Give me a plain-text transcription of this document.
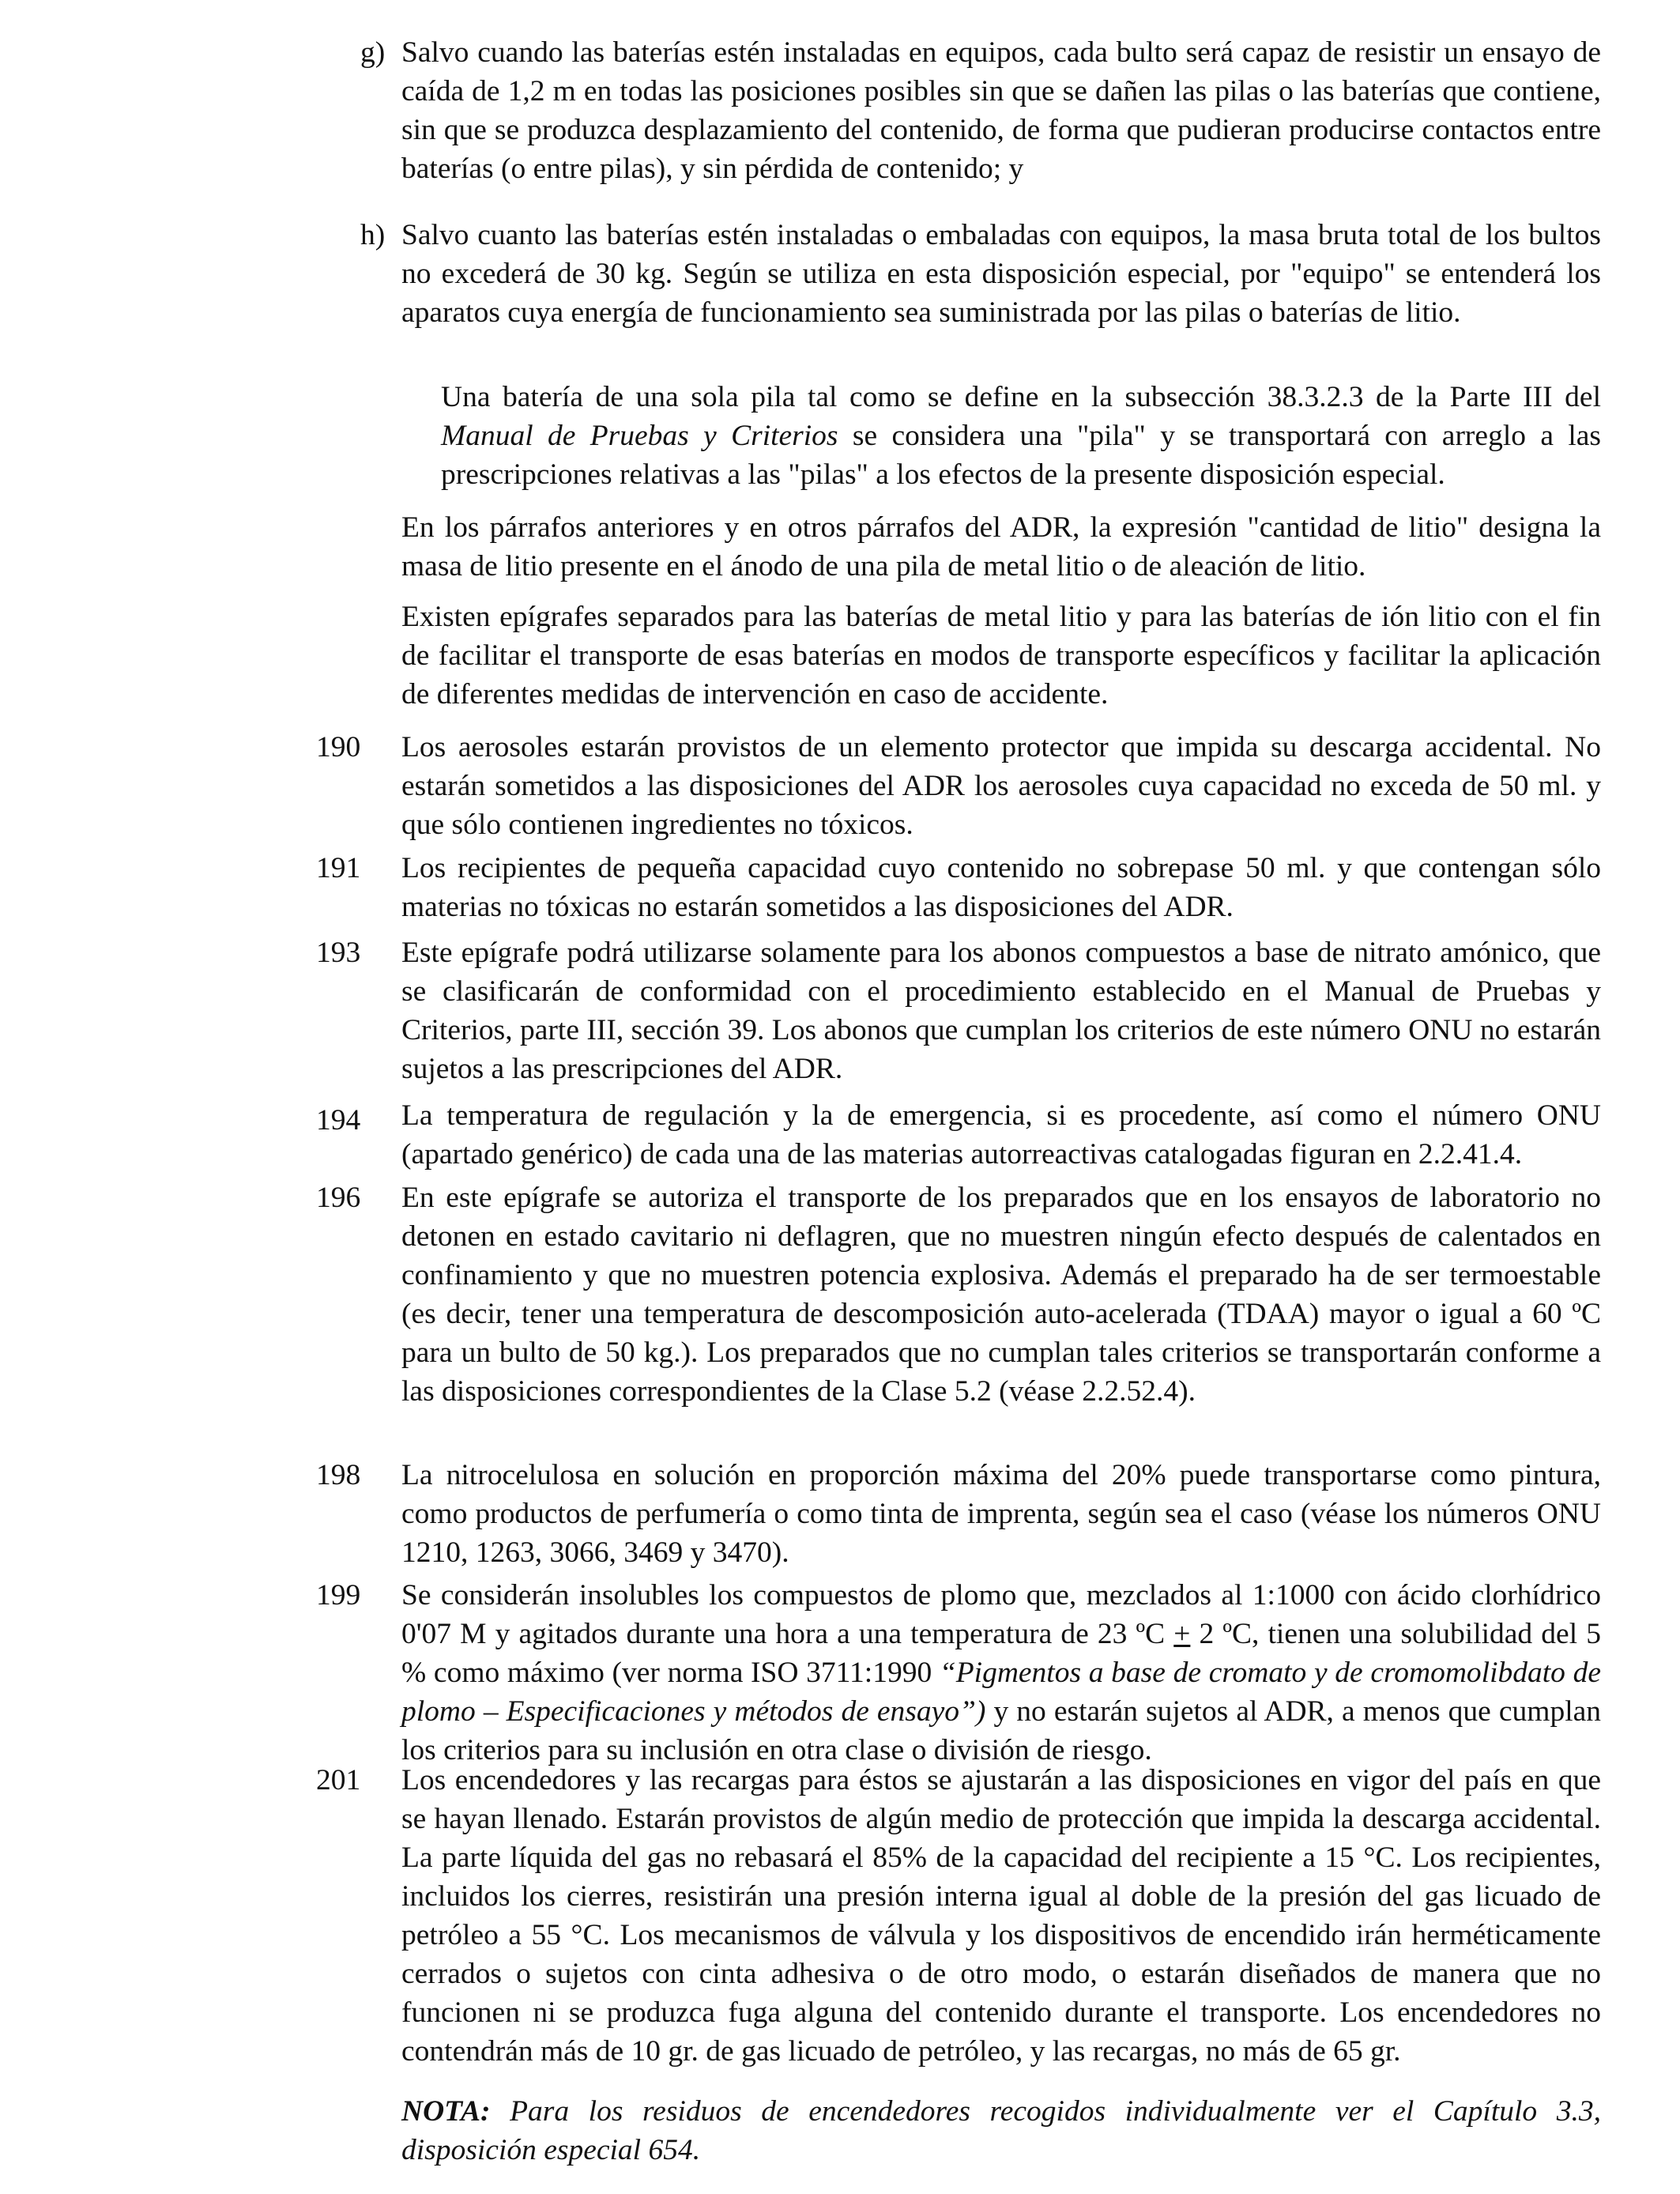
g) Salvo cuando las baterías estén instaladas en equipos, cada bulto será capaz de resistir un ensayo de caída de 1,2 m en todas las posiciones posibles sin que se dañen las pilas o las baterías que contiene, sin que se produzca desplazamiento del contenido, de forma que pudieran producirse contactos entre baterías (o entre pilas), y sin pérdida de contenido; y

h) Salvo cuanto las baterías estén instaladas o embaladas con equipos, la masa bruta total de los bultos no excederá de 30 kg. Según se utiliza en esta disposición especial, por "equipo" se entenderá los aparatos cuya energía de funcionamiento sea suministrada por las pilas o baterías de litio.

Una batería de una sola pila tal como se define en la subsección 38.3.2.3 de la Parte III del Manual de Pruebas y Criterios se considera una "pila" y se transportará con arreglo a las prescripciones relativas a las "pilas" a los efectos de la presente disposición especial.

En los párrafos anteriores y en otros párrafos del ADR, la expresión "cantidad de litio" designa la masa de litio presente en el ánodo de una pila de metal litio o de aleación de litio.

Existen epígrafes separados para las baterías de metal litio y para las baterías de ión litio con el fin de facilitar el transporte de esas baterías en modos de transporte específicos y facilitar la aplicación de diferentes medidas de intervención en caso de accidente.

190 Los aerosoles estarán provistos de un elemento protector que impida su descarga accidental. No estarán sometidos a las disposiciones del ADR los aerosoles cuya capacidad no exceda de 50 ml. y que sólo contienen ingredientes no tóxicos.

191 Los recipientes de pequeña capacidad cuyo contenido no sobrepase 50 ml. y que contengan sólo materias no tóxicas no estarán sometidos a las disposiciones del ADR.

193 Este epígrafe podrá utilizarse solamente para los abonos compuestos a base de nitrato amónico, que se clasificarán de conformidad con el procedimiento establecido en el Manual de Pruebas y Criterios, parte III, sección 39. Los abonos que cumplan los criterios de este número ONU no estarán sujetos a las prescripciones del ADR.

194 La temperatura de regulación y la de emergencia, si es procedente, así como el número ONU (apartado genérico) de cada una de las materias autorreactivas catalogadas figuran en 2.2.41.4.

196 En este epígrafe se autoriza el transporte de los preparados que en los ensayos de laboratorio no detonen en estado cavitario ni deflagren, que no muestren ningún efecto después de calentados en confinamiento y que no muestren potencia explosiva. Además el preparado ha de ser termoestable (es decir, tener una temperatura de descomposición auto-acelerada (TDAA) mayor o igual a 60 ºC para un bulto de 50 kg.). Los preparados que no cumplan tales criterios se transportarán conforme a las disposiciones correspondientes de la Clase 5.2 (véase 2.2.52.4).

198 La nitrocelulosa en solución en proporción máxima del 20% puede transportarse como pintura, como productos de perfumería o como tinta de imprenta, según sea el caso (véase los números ONU 1210, 1263, 3066, 3469 y 3470).

199 Se considerán insolubles los compuestos de plomo que, mezclados al 1:1000 con ácido clorhídrico 0'07 M y agitados durante una hora a una temperatura de 23 ºC + 2 ºC, tienen una solubilidad del 5 % como máximo (ver norma ISO 3711:1990 “Pigmentos a base de cromato y de cromomolibdato de plomo – Especificaciones y métodos de ensayo”) y no estarán sujetos al ADR, a menos que cumplan los criterios para su inclusión en otra clase o división de riesgo.

201 Los encendedores y las recargas para éstos se ajustarán a las disposiciones en vigor del país en que se hayan llenado. Estarán provistos de algún medio de protección que impida la descarga accidental. La parte líquida del gas no rebasará el 85% de la capacidad del recipiente a 15 °C. Los recipientes, incluidos los cierres, resistirán una presión interna igual al doble de la presión del gas licuado de petróleo a 55 °C. Los mecanismos de válvula y los dispositivos de encendido irán herméticamente cerrados o sujetos con cinta adhesiva o de otro modo, o estarán diseñados de manera que no funcionen ni se produzca fuga alguna del contenido durante el transporte. Los encendedores no contendrán más de 10 gr. de gas licuado de petróleo, y las recargas, no más de 65 gr.

NOTA: Para los residuos de encendedores recogidos individualmente ver el Capítulo 3.3, disposición especial 654.
